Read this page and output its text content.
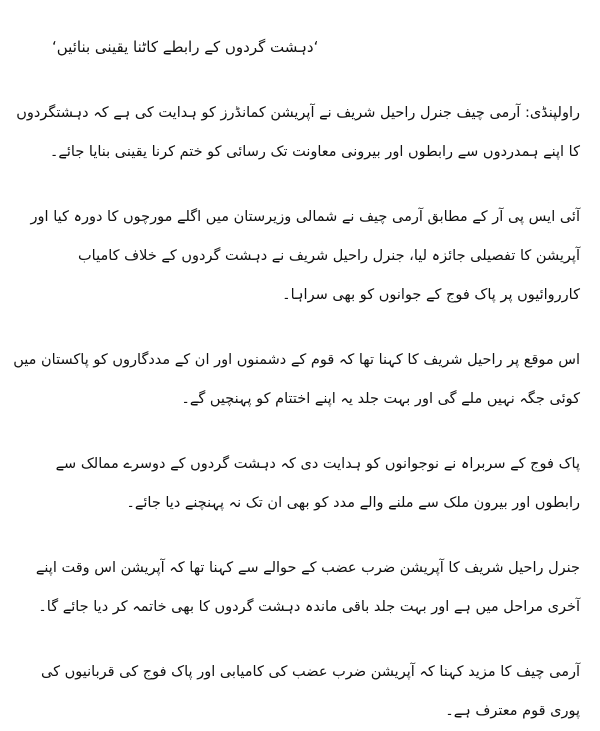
‘دہشت گردوں کے رابطے کاٹنا یقینی بنائیں‘

راولپنڈی: آرمی چیف جنرل راحیل شریف نے آپریشن کمانڈرز کو ہدایت کی ہے کہ دہشتگردوں کا اپنے ہمدردوں سے رابطوں اور بیرونی معاونت تک رسائی کو ختم کرنا یقینی بنایا جائے۔

آئی ایس پی آر کے مطابق آرمی چیف نے شمالی وزیرستان میں اگلے مورچوں کا دورہ کیا اور آپریشن کا تفصیلی جائزہ لیا، جنرل راحیل شریف نے دہشت گردوں کے خلاف کامیاب کارروائیوں پر پاک فوج کے جوانوں کو بھی سراہا۔

اس موقع پر راحیل شریف کا کہنا تھا کہ قوم کے دشمنوں اور ان کے مددگاروں کو پاکستان میں کوئی جگہ نہیں ملے گی اور بہت جلد یہ اپنے اختتام کو پہنچیں گے۔

پاک فوج کے سربراہ نے نوجوانوں کو ہدایت دی کہ دہشت گردوں کے دوسرے ممالک سے رابطوں اور بیرون ملک سے ملنے والے مدد کو بھی ان تک نہ پہنچنے دیا جائے۔

جنرل راحیل شریف کا آپریشن ضرب عضب کے حوالے سے کہنا تھا کہ آپریشن اس وقت اپنے آخری مراحل میں ہے اور بہت جلد باقی ماندہ دہشت گردوں کا بھی خاتمہ کر دیا جائے گا۔

آرمی چیف کا مزید کہنا کہ آپریشن ضرب عضب کی کامیابی اور پاک فوج کی قربانیوں کی پوری قوم معترف ہے۔
